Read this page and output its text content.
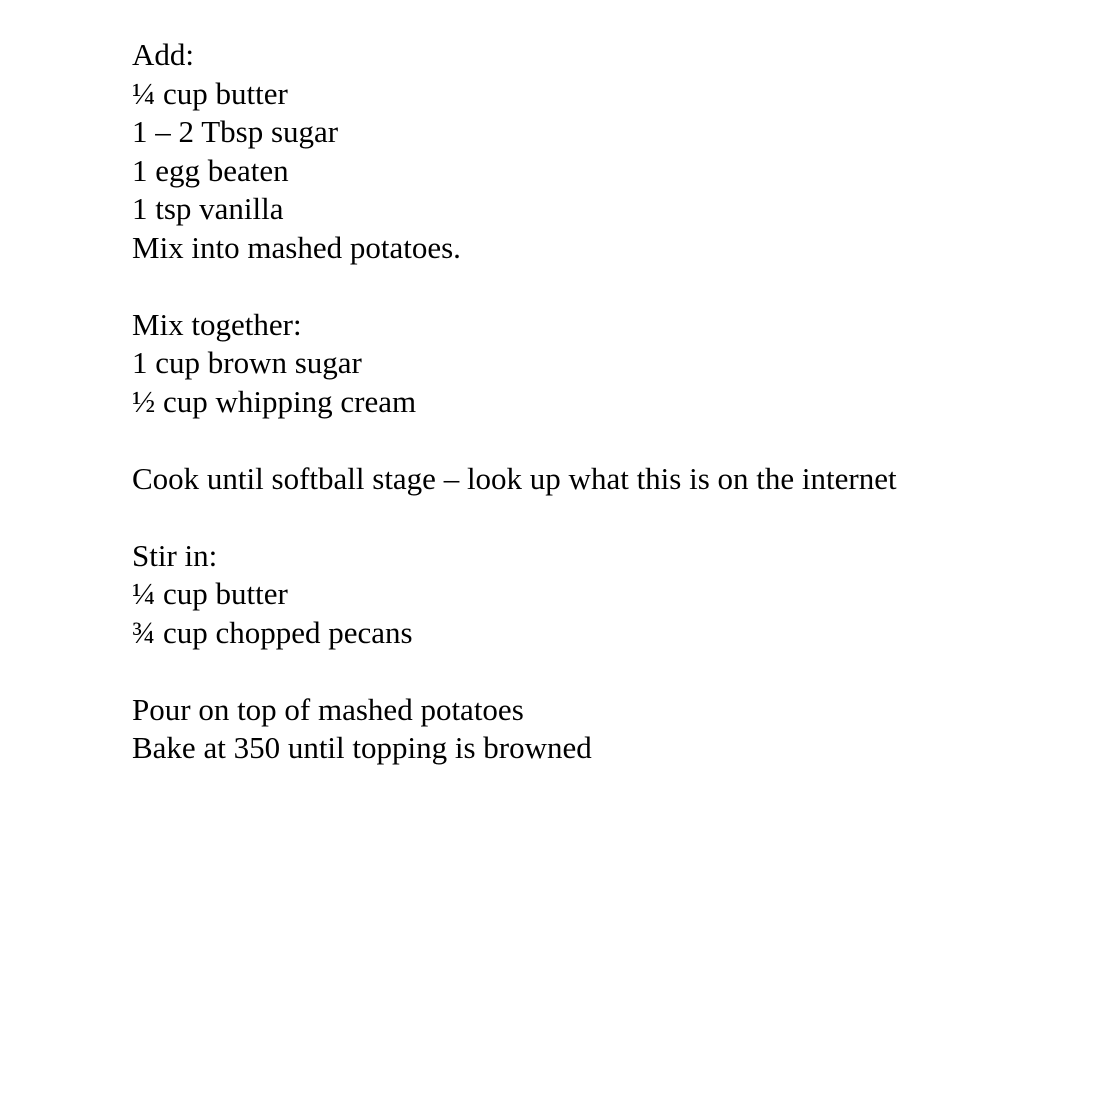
Add:
¼ cup butter
1 – 2 Tbsp sugar
1 egg beaten
1 tsp vanilla
Mix into mashed potatoes.
Mix together:
1 cup brown sugar
½ cup whipping cream
Cook until softball stage – look up what this is on the internet
Stir in:
¼ cup butter
¾ cup chopped pecans
Pour on top of mashed potatoes
Bake at 350 until topping is browned
